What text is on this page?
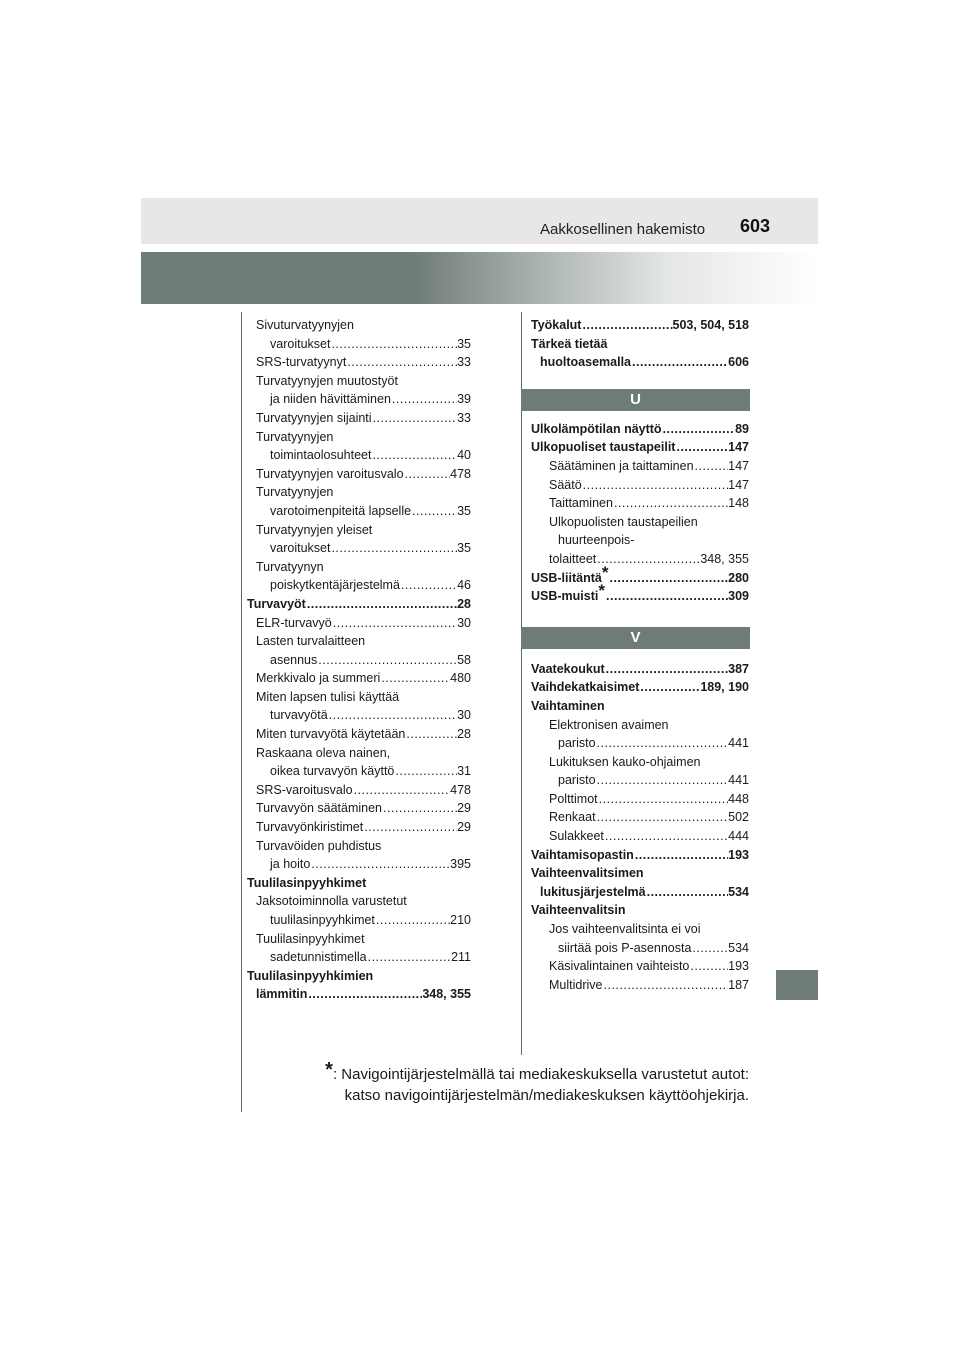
Aakkosellinen hakemisto 603
Sivuturvatyynyjen
varoitukset .....	35
SRS-turvatyynyt .....	33
Turvatyynyjen muutostyöt
ja niiden hävittäminen .....	39
Turvatyynyjen sijainti .....	33
Turvatyynyjen
toimintaolosuhteet .....	40
Turvatyynyjen varoitusvalo .....	478
Turvatyynyjen
varotoimenpiteitä lapselle .....	35
Turvatyynyjen yleiset
varoitukset .....	35
Turvatyynyn
poiskytkentäjärjestelmä .....	46
Turvavyöt .....	28
ELR-turvavyö .....	30
Lasten turvalaitteen
asennus .....	58
Merkkivalo ja summeri .....	480
Miten lapsen tulisi käyttää
turvavyötä .....	30
Miten turvavyötä käytetään .....	28
Raskaana oleva nainen,
oikea turvavyön käyttö .....	31
SRS-varoitusvalo .....	478
Turvavyön säätäminen .....	29
Turvavyönkiristimet .....	29
Turvavöiden puhdistus
ja hoito .....	395
Tuulilasinpyyhkimet
Jaksotoiminnolla varustetut
tuulilasinpyyhkimet .....	210
Tuulilasinpyyhkimet
sadetunnistimella .....	211
Tuulilasinpyyhkimien
lämmitin .....	348, 355
Työkalut .....	503, 504, 518
Tärkeä tietää
huoltoasemalla .....	606
U
Ulkolämpötilan näyttö .....	89
Ulkopuoliset taustapeilit .....	147
Säätäminen ja taittaminen .....	147
Säätö .....	147
Taittaminen .....	148
Ulkopuolisten taustapeilien
huurteenpois-
tolaitteet .....	348, 355
USB-liitäntä * .....	280
USB-muisti * .....	309
V
Vaatekoukut .....	387
Vaihdekatkaisimet .....	189, 190
Vaihtaminen
Elektronisen avaimen
paristo .....	441
Lukituksen kauko-ohjaimen
paristo .....	441
Polttimot .....	448
Renkaat .....	502
Sulakkeet .....	444
Vaihtamisopastin .....	193
Vaihteenvalitsimen
lukitusjärjestelmä .....	534
Vaihteenvalitsin
Jos vaihteenvalitsinta ei voi
siirtää pois P-asennosta .....	534
Käsivalintainen vaihteisto .....	193
Multidrive .....	187
*: Navigointijärjestelmällä tai mediakeskuksella varustetut autot:
katso navigointijärjestelmän/mediakeskuksen käyttöohjekirja.
